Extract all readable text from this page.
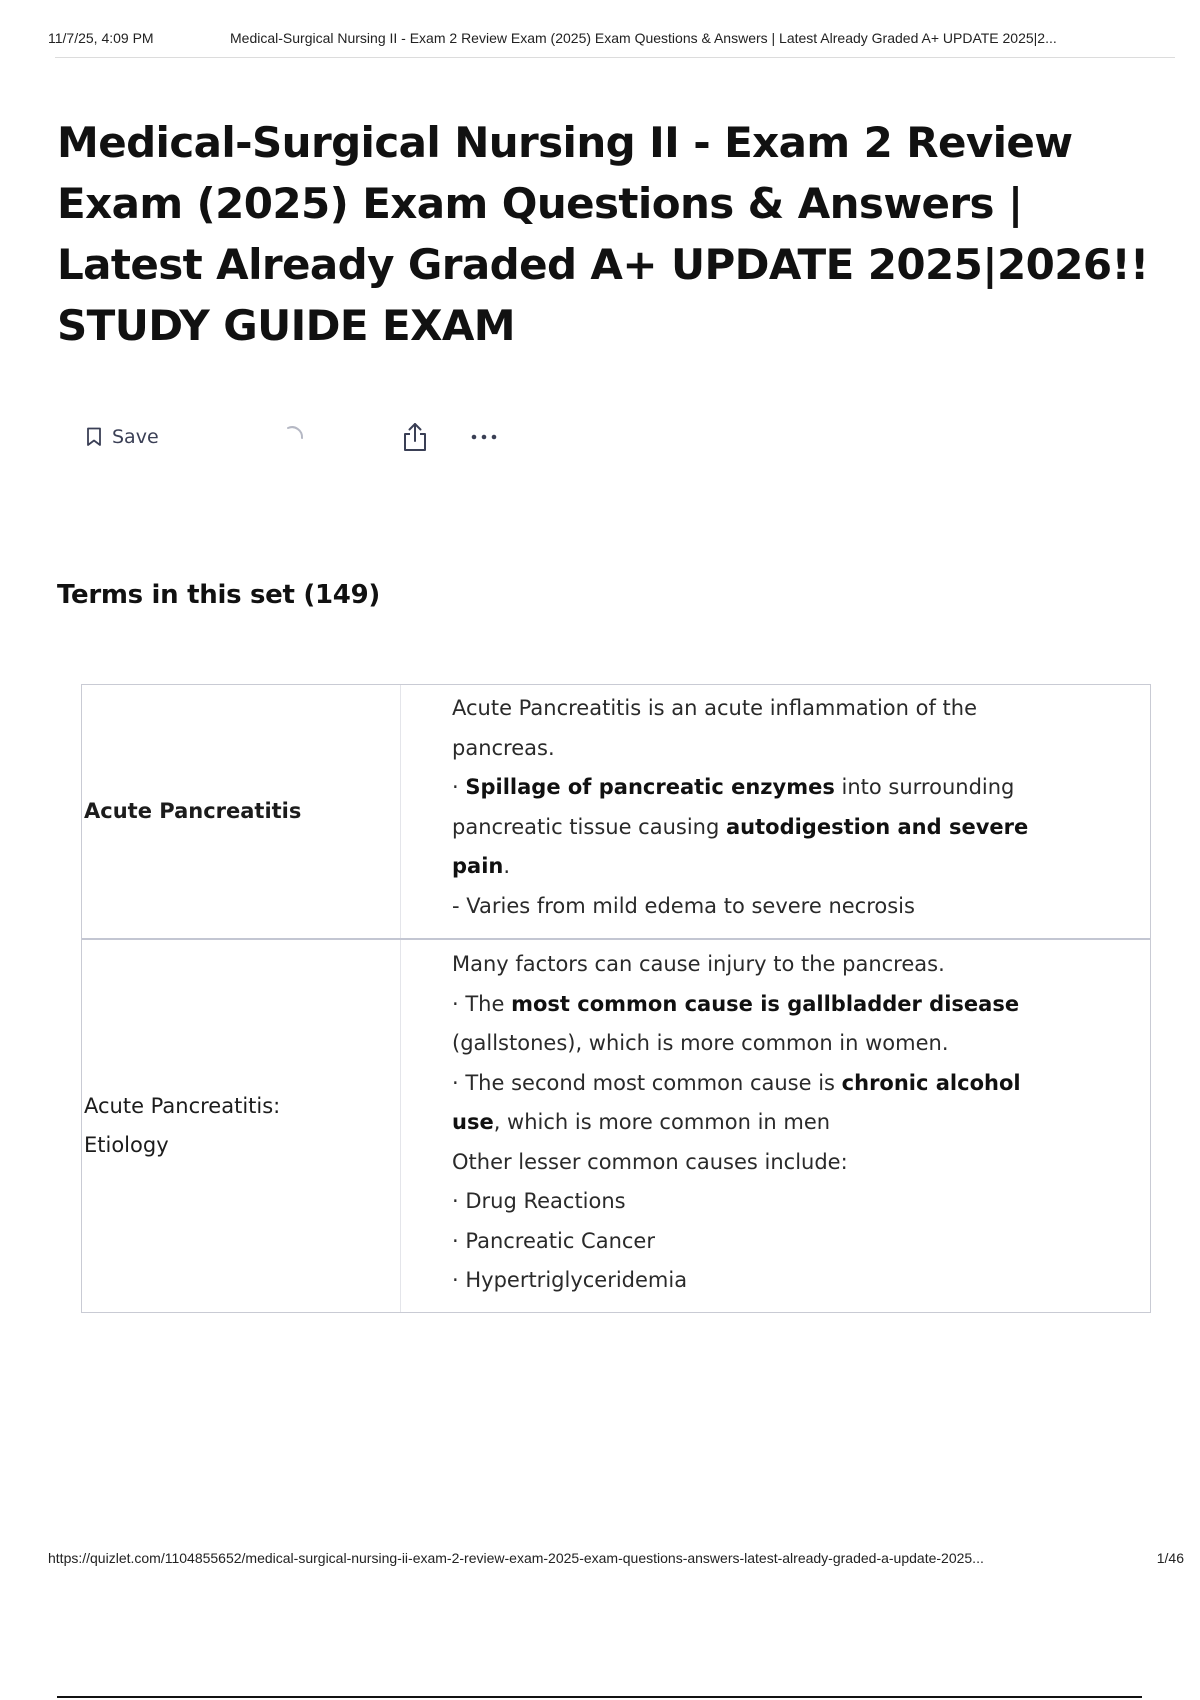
11/7/25, 4:09 PM	Medical-Surgical Nursing II - Exam 2 Review Exam (2025) Exam Questions & Answers | Latest Already Graded A+ UPDATE 2025|2...
Medical-Surgical Nursing II - Exam 2 Review Exam (2025) Exam Questions & Answers | Latest Already Graded A+ UPDATE 2025|2026!! STUDY GUIDE EXAM
Save
Terms in this set (149)
Acute Pancreatitis
Acute Pancreatitis is an acute inflammation of the
pancreas.
· Spillage of pancreatic enzymes into surrounding
pancreatic tissue causing autodigestion and severe
pain.
- Varies from mild edema to severe necrosis
Acute Pancreatitis:
Etiology
Many factors can cause injury to the pancreas.
· The most common cause is gallbladder disease
(gallstones), which is more common in women.
· The second most common cause is chronic alcohol
use, which is more common in men
Other lesser common causes include:
· Drug Reactions
· Pancreatic Cancer
· Hypertriglyceridemia
https://quizlet.com/1104855652/medical-surgical-nursing-ii-exam-2-review-exam-2025-exam-questions-answers-latest-already-graded-a-update-2025...	1/46
